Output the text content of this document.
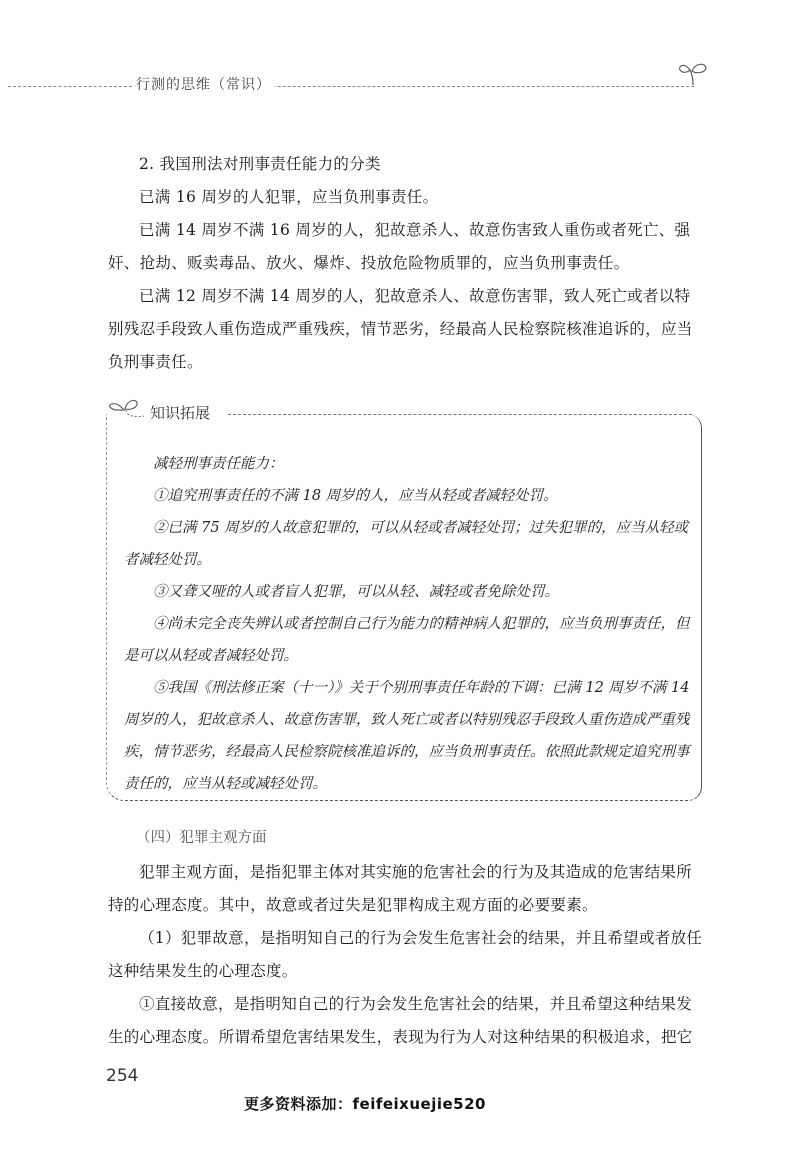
行测的思维（常识）

2. 我国刑法对刑事责任能力的分类

已满 16 周岁的人犯罪，应当负刑事责任。

已满 14 周岁不满 16 周岁的人，犯故意杀人、故意伤害致人重伤或者死亡、强奸、抢劫、贩卖毒品、放火、爆炸、投放危险物质罪的，应当负刑事责任。

已满 12 周岁不满 14 周岁的人，犯故意杀人、故意伤害罪，致人死亡或者以特别残忍手段致人重伤造成严重残疾，情节恶劣，经最高人民检察院核准追诉的，应当负刑事责任。

知识拓展

减轻刑事责任能力：

①追究刑事责任的不满 18 周岁的人，应当从轻或者减轻处罚。

②已满 75 周岁的人故意犯罪的，可以从轻或者减轻处罚；过失犯罪的，应当从轻或者减轻处罚。

③又聋又哑的人或者盲人犯罪，可以从轻、减轻或者免除处罚。

④尚未完全丧失辨认或者控制自己行为能力的精神病人犯罪的，应当负刑事责任，但是可以从轻或者减轻处罚。

⑤我国《刑法修正案（十一）》关于个别刑事责任年龄的下调：已满 12 周岁不满 14 周岁的人，犯故意杀人、故意伤害罪，致人死亡或者以特别残忍手段致人重伤造成严重残疾，情节恶劣，经最高人民检察院核准追诉的，应当负刑事责任。依照此款规定追究刑事责任的，应当从轻或减轻处罚。

（四）犯罪主观方面

犯罪主观方面，是指犯罪主体对其实施的危害社会的行为及其造成的危害结果所持的心理态度。其中，故意或者过失是犯罪构成主观方面的必要要素。

（1）犯罪故意，是指明知自己的行为会发生危害社会的结果，并且希望或者放任这种结果发生的心理态度。

①直接故意，是指明知自己的行为会发生危害社会的结果，并且希望这种结果发生的心理态度。所谓希望危害结果发生，表现为行为人对这种结果的积极追求，把它

254
更多资料添加：feifeixuejie520
